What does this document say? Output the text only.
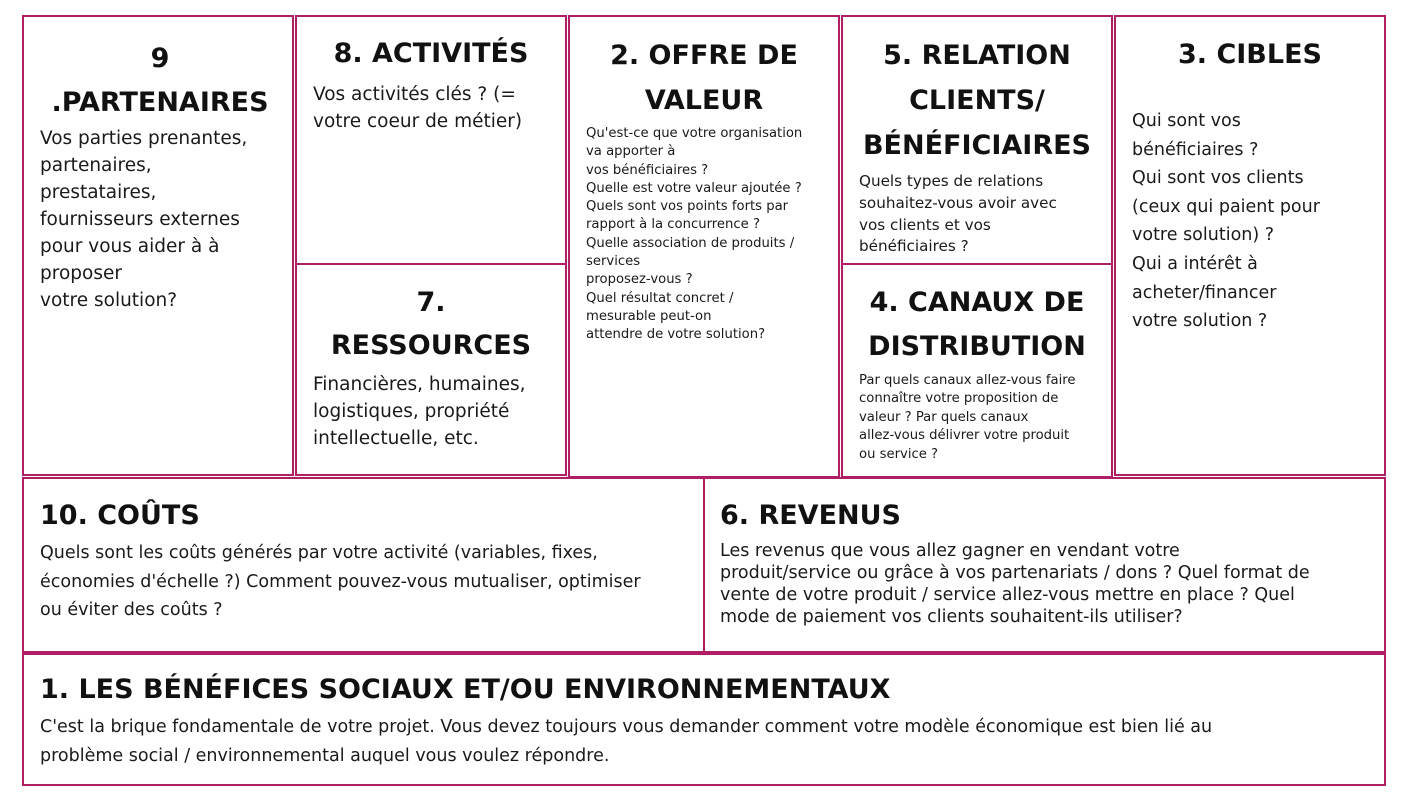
9
.PARTENAIRES
Vos parties prenantes,
partenaires,
prestataires,
fournisseurs externes
pour vous aider à à
proposer
votre solution?
8. ACTIVITÉS
Vos activités clés ? (=
votre coeur de métier)
7.
RESSOURCES
Financières, humaines,
logistiques, propriété
intellectuelle, etc.
2. OFFRE DE
VALEUR
Qu'est-ce que votre organisation
va apporter à
vos bénéficiaires ?
Quelle est votre valeur ajoutée ?
Quels sont vos points forts par
rapport à la concurrence ?
Quelle association de produits /
services
proposez-vous ?
Quel résultat concret /
mesurable peut-on
attendre de votre solution?
5. RELATION
CLIENTS/
BÉNÉFICIAIRES
Quels types de relations
souhaitez-vous avoir avec
vos clients et vos
bénéficiaires ?
4. CANAUX DE
DISTRIBUTION
Par quels canaux allez-vous faire
connaître votre proposition de
valeur ? Par quels canaux
allez-vous délivrer votre produit
ou service ?
3. CIBLES
Qui sont vos
bénéficiaires ?
Qui sont vos clients
(ceux qui paient pour
votre solution) ?
Qui a intérêt à
acheter/financer
votre solution ?
10. COÛTS
Quels sont les coûts générés par votre activité (variables, fixes,
économies d'échelle ?) Comment pouvez-vous mutualiser, optimiser
ou éviter des coûts ?
6. REVENUS
Les revenus que vous allez gagner en vendant votre
produit/service ou grâce à vos partenariats / dons ? Quel format de
vente de votre produit / service allez-vous mettre en place ? Quel
mode de paiement vos clients souhaitent-ils utiliser?
1. LES BÉNÉFICES SOCIAUX ET/OU ENVIRONNEMENTAUX
C'est la brique fondamentale de votre projet. Vous devez toujours vous demander comment votre modèle économique est bien lié au
problème social / environnemental auquel vous voulez répondre.
